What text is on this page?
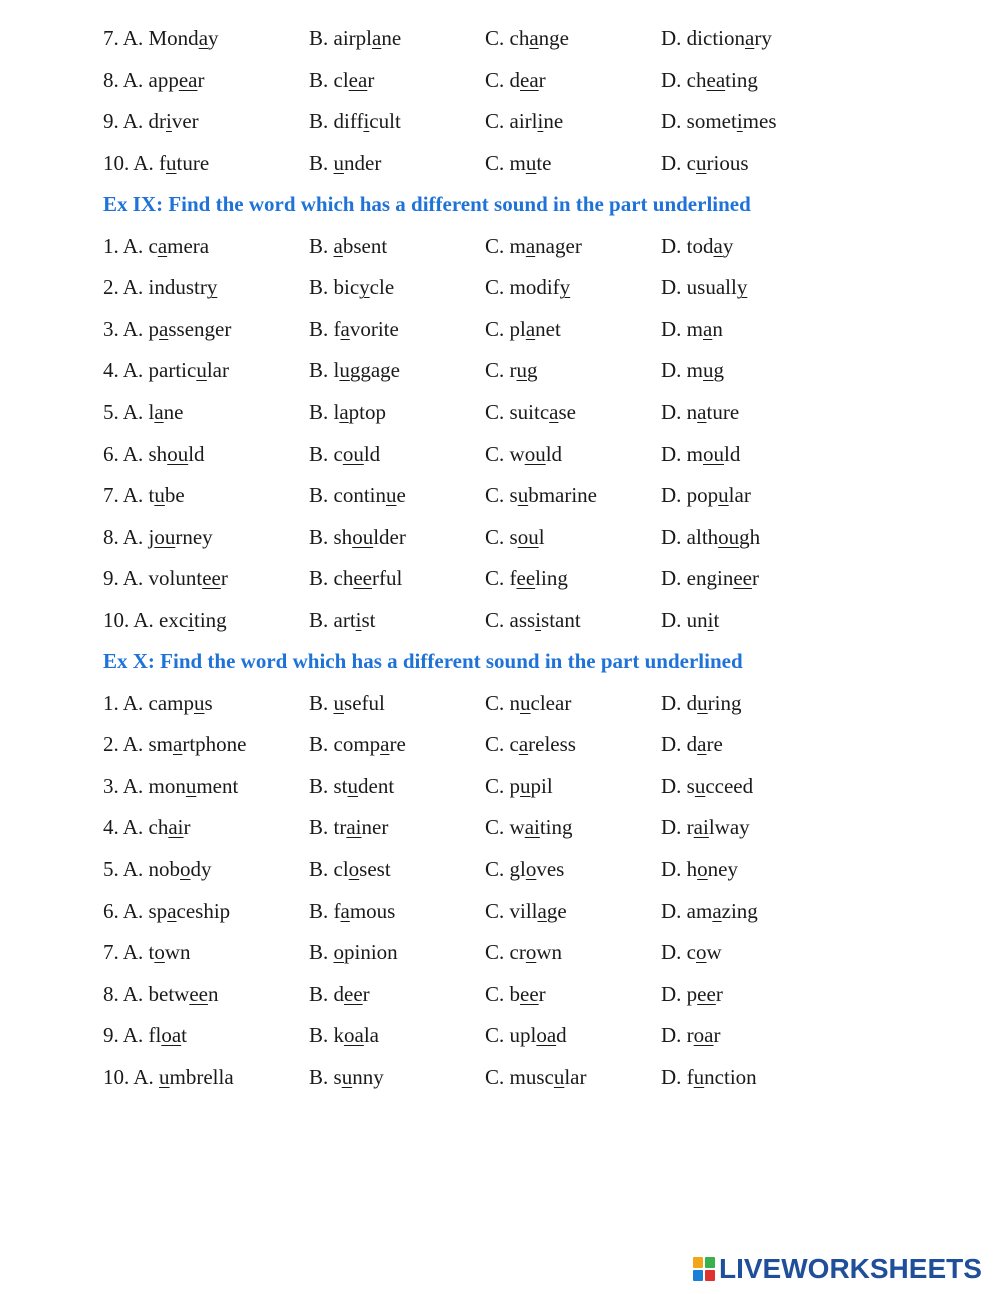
7. A. Monday	B. airplane	C. change	D. dictionary
8. A. appear	B. clear	C. dear	D. cheating
9. A. driver	B. difficult	C. airline	D. sometimes
10. A. future	B. under	C. mute	D. curious
Ex IX: Find the word which has a different sound in the part underlined
1. A. camera	B. absent	C. manager	D. today
2. A. industry	B. bicycle	C. modify	D. usually
3. A. passenger	B. favorite	C. planet	D. man
4. A. particular	B. luggage	C. rug	D. mug
5. A. lane	B. laptop	C. suitcase	D. nature
6. A. should	B. could	C. would	D. mould
7. A. tube	B. continue	C. submarine	D. popular
8. A. journey	B. shoulder	C. soul	D. although
9. A. volunteer	B. cheerful	C. feeling	D. engineer
10. A. exciting	B. artist	C. assistant	D. unit
Ex X: Find the word which has a different sound in the part underlined
1. A. campus	B. useful	C. nuclear	D. during
2. A. smartphone	B. compare	C. careless	D. dare
3. A. monument	B. student	C. pupil	D. succeed
4. A. chair	B. trainer	C. waiting	D. railway
5. A. nobody	B. closest	C. gloves	D. honey
6. A. spaceship	B. famous	C. village	D. amazing
7. A. town	B. opinion	C. crown	D. cow
8. A. between	B. deer	C. beer	D. peer
9. A. float	B. koala	C. upload	D. roar
10. A. umbrella	B. sunny	C. muscular	D. function
LIVEWORKSHEETS
